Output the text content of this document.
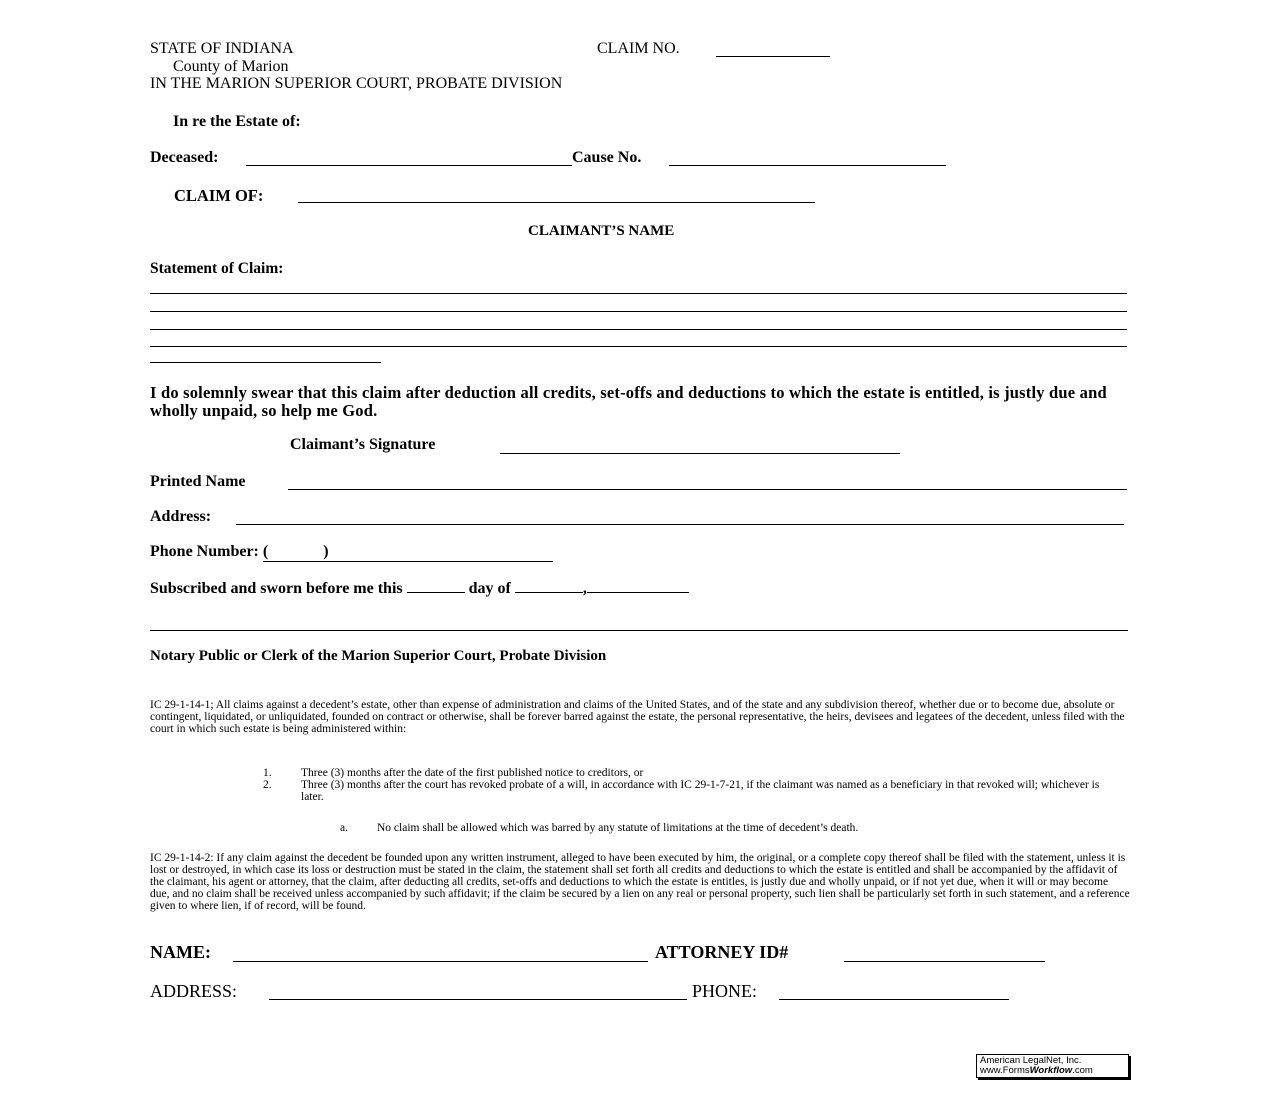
STATE OF INDIANA	CLAIM NO.
County of Marion
IN THE MARION SUPERIOR COURT, PROBATE DIVISION
In re the Estate of:
Deceased:	Cause No.
CLAIM OF:
CLAIMANT’S NAME
Statement of Claim:
I do solemnly swear that this claim after deduction all credits, set-offs and deductions to which the estate is entitled, is justly due and wholly unpaid, so help me God.
Claimant’s Signature
Printed Name
Address:
Phone Number: (	)
Subscribed and sworn before me this	day of	,
Notary Public or Clerk of the Marion Superior Court, Probate Division
IC 29-1-14-1; All claims against a decedent’s estate, other than expense of administration and claims of the United States, and of the state and any subdivision thereof, whether due or to become due, absolute or contingent, liquidated, or unliquidated, founded on contract or otherwise, shall be forever barred against the estate, the personal representative, the heirs, devisees and legatees of the decedent, unless filed with the court in which such estate is being administered within:
1.	Three (3) months after the date of the first published notice to creditors, or
2.	Three (3) months after the court has revoked probate of a will, in accordance with IC 29-1-7-21, if the claimant was named as a beneficiary in that revoked will; whichever is later.
a.	No claim shall be allowed which was barred by any statute of limitations at the time of decedent’s death.
IC 29-1-14-2: If any claim against the decedent be founded upon any written instrument, alleged to have been executed by him, the original, or a complete copy thereof shall be filed with the statement, unless it is lost or destroyed, in which case its loss or destruction must be stated in the claim, the statement shall set forth all credits and deductions to which the estate is entitled and shall be accompanied by the affidavit of the claimant, his agent or attorney, that the claim, after deducting all credits, set-offs and deductions to which the estate is entitles, is justly due and wholly unpaid, or if not yet due, when it will or may become due, and no claim shall be received unless accompanied by such affidavit; if the claim be secured by a lien on any real or personal property, such lien shall be particularly set forth in such statement, and a reference given to where lien, if of record, will be found.
NAME:	ATTORNEY ID#
ADDRESS:	PHONE:
American LegalNet, Inc.
www.FormsWorkflow.com
